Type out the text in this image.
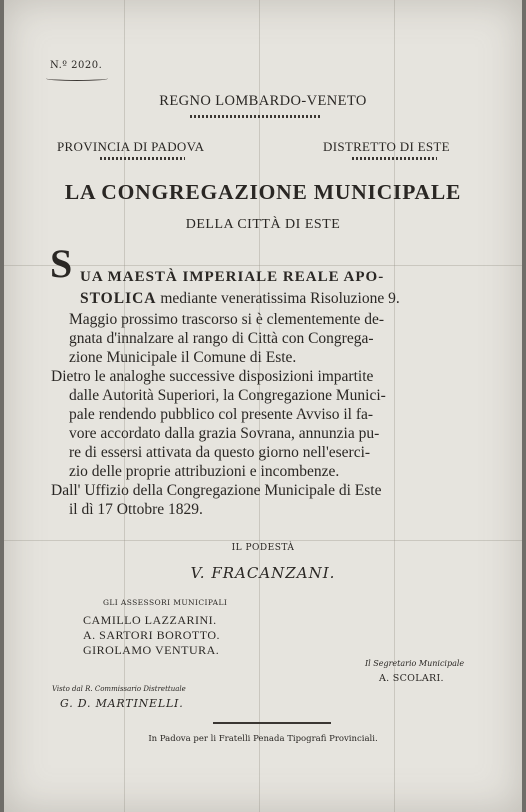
N.º 2020.
REGNO LOMBARDO-VENETO
PROVINCIA DI PADOVA	DISTRETTO DI ESTE
LA CONGREGAZIONE MUNICIPALE
DELLA CITTÀ DI ESTE
S UA MAESTÀ IMPERIALE REALE APO-
STOLICA mediante veneratissima Risoluzione 9.
Maggio prossimo trascorso si è clementemente de-
gnata d'innalzare al rango di Città con Congrega-
zione Municipale il Comune di Este.
Dietro le analoghe successive disposizioni impartite
dalle Autorità Superiori, la Congregazione Munici-
pale rendendo pubblico col presente Avviso il fa-
vore accordato dalla grazia Sovrana, annunzia pu-
re di essersi attivata da questo giorno nell'eserci-
zio delle proprie attribuzioni e incombenze.
Dall' Uffizio della Congregazione Municipale di Este
il dì 17 Ottobre 1829.
IL PODESTÀ
V. FRACANZANI.
GLI ASSESSORI MUNICIPALI
CAMILLO LAZZARINI.
A. SARTORI BOROTTO.
GIROLAMO VENTURA.
Il Segretario Municipale
A. SCOLARI.
Visto dal R. Commissario Distrettuale
G. D. MARTINELLI.
In Padova per li Fratelli Penada Tipografi Provinciali.
